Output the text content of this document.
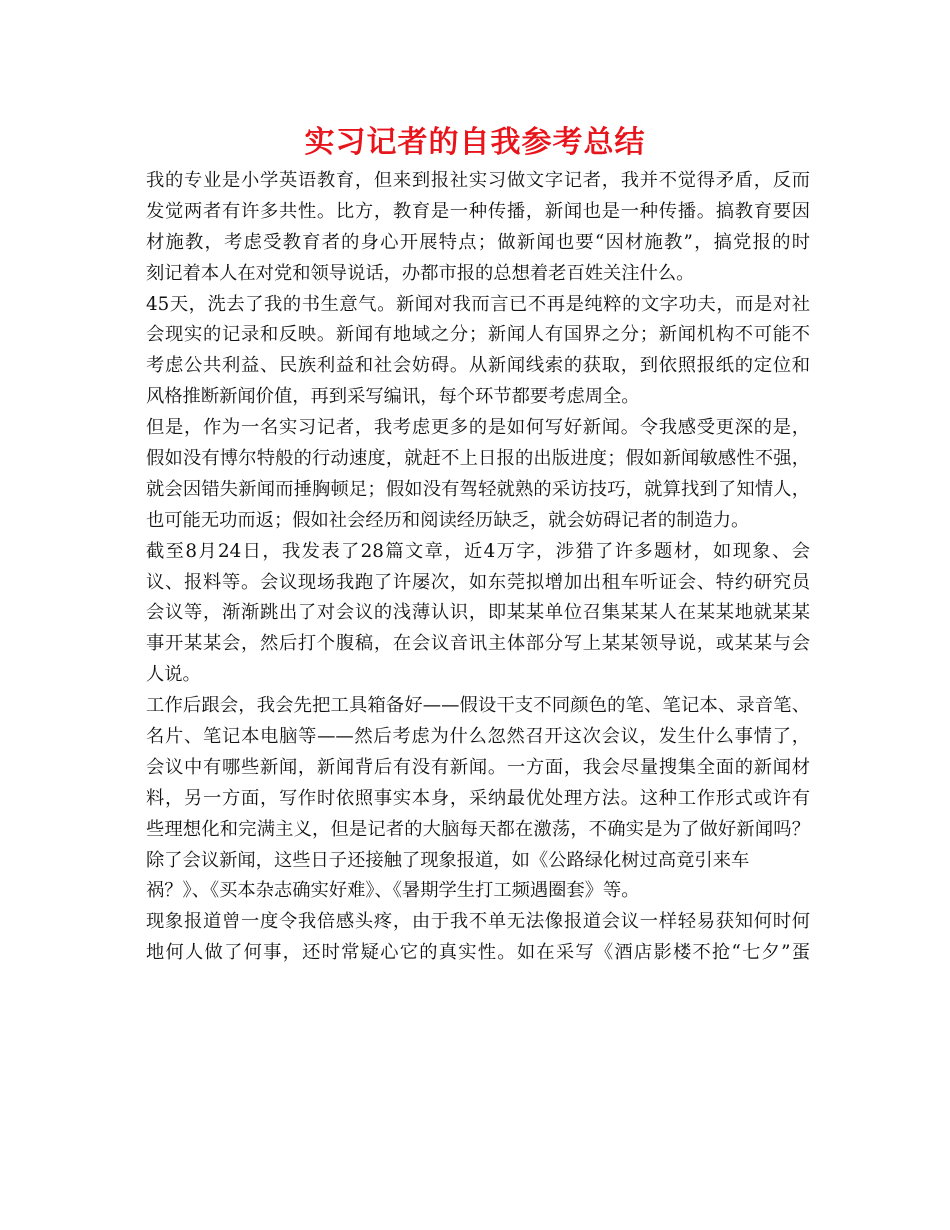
实习记者的自我参考总结
我的专业是小学英语教育，但来到报社实习做文字记者，我并不觉得矛盾，反而
发觉两者有许多共性。比方，教育是一种传播，新闻也是一种传播。搞教育要因
材施教，考虑受教育者的身心开展特点；做新闻也要“因材施教”，搞党报的时
刻记着本人在对党和领导说话，办都市报的总想着老百姓关注什么。
45天，洗去了我的书生意气。新闻对我而言已不再是纯粹的文字功夫，而是对社
会现实的记录和反映。新闻有地域之分；新闻人有国界之分；新闻机构不可能不
考虑公共利益、民族利益和社会妨碍。从新闻线索的获取，到依照报纸的定位和
风格推断新闻价值，再到采写编讯，每个环节都要考虑周全。
但是，作为一名实习记者，我考虑更多的是如何写好新闻。令我感受更深的是，
假如没有博尔特般的行动速度，就赶不上日报的出版进度；假如新闻敏感性不强，
就会因错失新闻而捶胸顿足；假如没有驾轻就熟的采访技巧，就算找到了知情人，
也可能无功而返；假如社会经历和阅读经历缺乏，就会妨碍记者的制造力。
截至8月24日，我发表了28篇文章，近4万字，涉猎了许多题材，如现象、会
议、报料等。会议现场我跑了许屡次，如东莞拟增加出租车听证会、特约研究员
会议等，渐渐跳出了对会议的浅薄认识，即某某单位召集某某人在某某地就某某
事开某某会，然后打个腹稿，在会议音讯主体部分写上某某领导说，或某某与会
人说。
工作后跟会，我会先把工具箱备好——假设干支不同颜色的笔、笔记本、录音笔、
名片、笔记本电脑等——然后考虑为什么忽然召开这次会议，发生什么事情了，
会议中有哪些新闻，新闻背后有没有新闻。一方面，我会尽量搜集全面的新闻材
料，另一方面，写作时依照事实本身，采纳最优处理方法。这种工作形式或许有
些理想化和完满主义，但是记者的大脑每天都在激荡，不确实是为了做好新闻吗？
除了会议新闻，这些日子还接触了现象报道，如《公路绿化树过高竟引来车
祸？》、《买本杂志确实好难》、《暑期学生打工频遇圈套》等。
现象报道曾一度令我倍感头疼，由于我不单无法像报道会议一样轻易获知何时何
地何人做了何事，还时常疑心它的真实性。如在采写《酒店影楼不抢“七夕”蛋
